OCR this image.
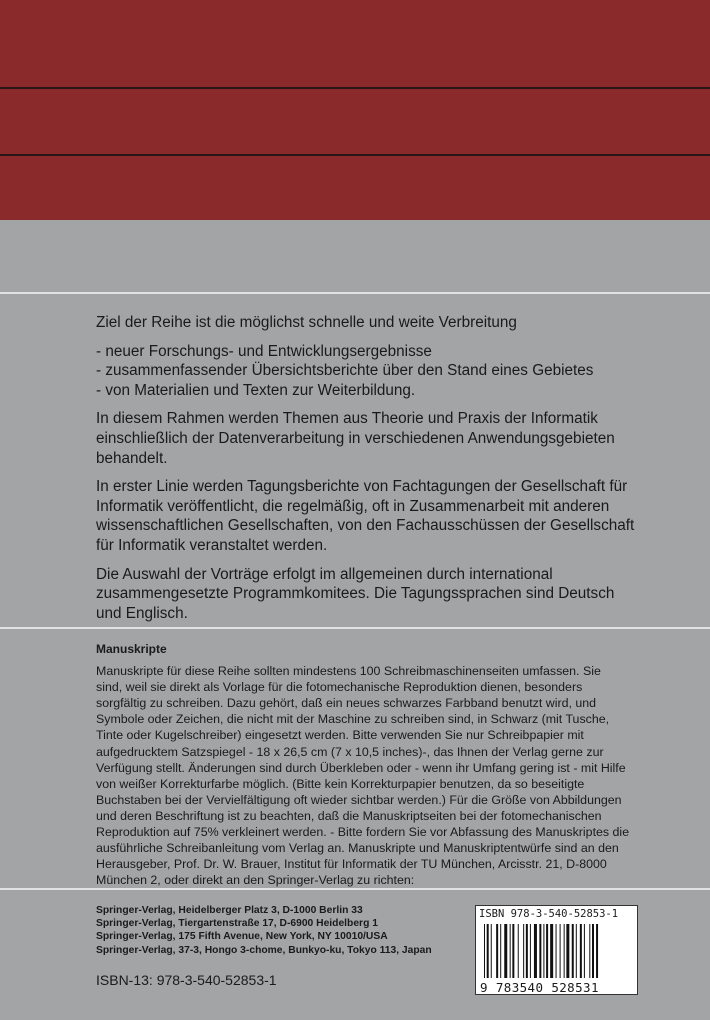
Ziel der Reihe ist die möglichst schnelle und weite Verbreitung

- neuer Forschungs- und Entwicklungsergebnisse
- zusammenfassender Übersichtsberichte über den Stand eines Gebietes
- von Materialien und Texten zur Weiterbildung.

In diesem Rahmen werden Themen aus Theorie und Praxis der Informatik einschließlich der Datenverarbeitung in verschiedenen Anwendungsgebieten behandelt.

In erster Linie werden Tagungsberichte von Fachtagungen der Gesellschaft für Informatik veröffentlicht, die regelmäßig, oft in Zusammenarbeit mit anderen wissenschaftlichen Gesellschaften, von den Fachausschüssen der Gesellschaft für Informatik veranstaltet werden.

Die Auswahl der Vorträge erfolgt im allgemeinen durch international zusammengesetzte Programmkomitees. Die Tagungssprachen sind Deutsch und Englisch.

Manuskripte

Manuskripte für diese Reihe sollten mindestens 100 Schreibmaschinenseiten umfassen. Sie sind, weil sie direkt als Vorlage für die fotomechanische Reproduktion dienen, besonders sorgfältig zu schreiben. Dazu gehört, daß ein neues schwarzes Farbband benutzt wird, und Symbole oder Zeichen, die nicht mit der Maschine zu schreiben sind, in Schwarz (mit Tusche, Tinte oder Kugelschreiber) eingesetzt werden. Bitte verwenden Sie nur Schreibpapier mit aufgedrucktem Satzspiegel - 18 x 26,5 cm (7 x 10,5 inches)-, das Ihnen der Verlag gerne zur Verfügung stellt. Änderungen sind durch Überkleben oder - wenn ihr Umfang gering ist - mit Hilfe von weißer Korrekturfarbe möglich. (Bitte kein Korrekturpapier benutzen, da so beseitigte Buchstaben bei der Vervielfältigung oft wieder sichtbar werden.) Für die Größe von Abbildungen und deren Beschriftung ist zu beachten, daß die Manuskriptseiten bei der fotomechanischen Reproduktion auf 75% verkleinert werden. - Bitte fordern Sie vor Abfassung des Manuskriptes die ausführliche Schreibanleitung vom Verlag an. Manuskripte und Manuskriptentwürfe sind an den Herausgeber, Prof. Dr. W. Brauer, Institut für Informatik der TU München, Arcisstr. 21, D-8000 München 2, oder direkt an den Springer-Verlag zu richten:

Springer-Verlag, Heidelberger Platz 3, D-1000 Berlin 33
Springer-Verlag, Tiergartenstraße 17, D-6900 Heidelberg 1
Springer-Verlag, 175 Fifth Avenue, New York, NY 10010/USA
Springer-Verlag, 37-3, Hongo 3-chome, Bunkyo-ku, Tokyo 113, Japan
ISBN-13: 978-3-540-52853-1
ISBN 978-3-540-52853-1
9 783540 528531
